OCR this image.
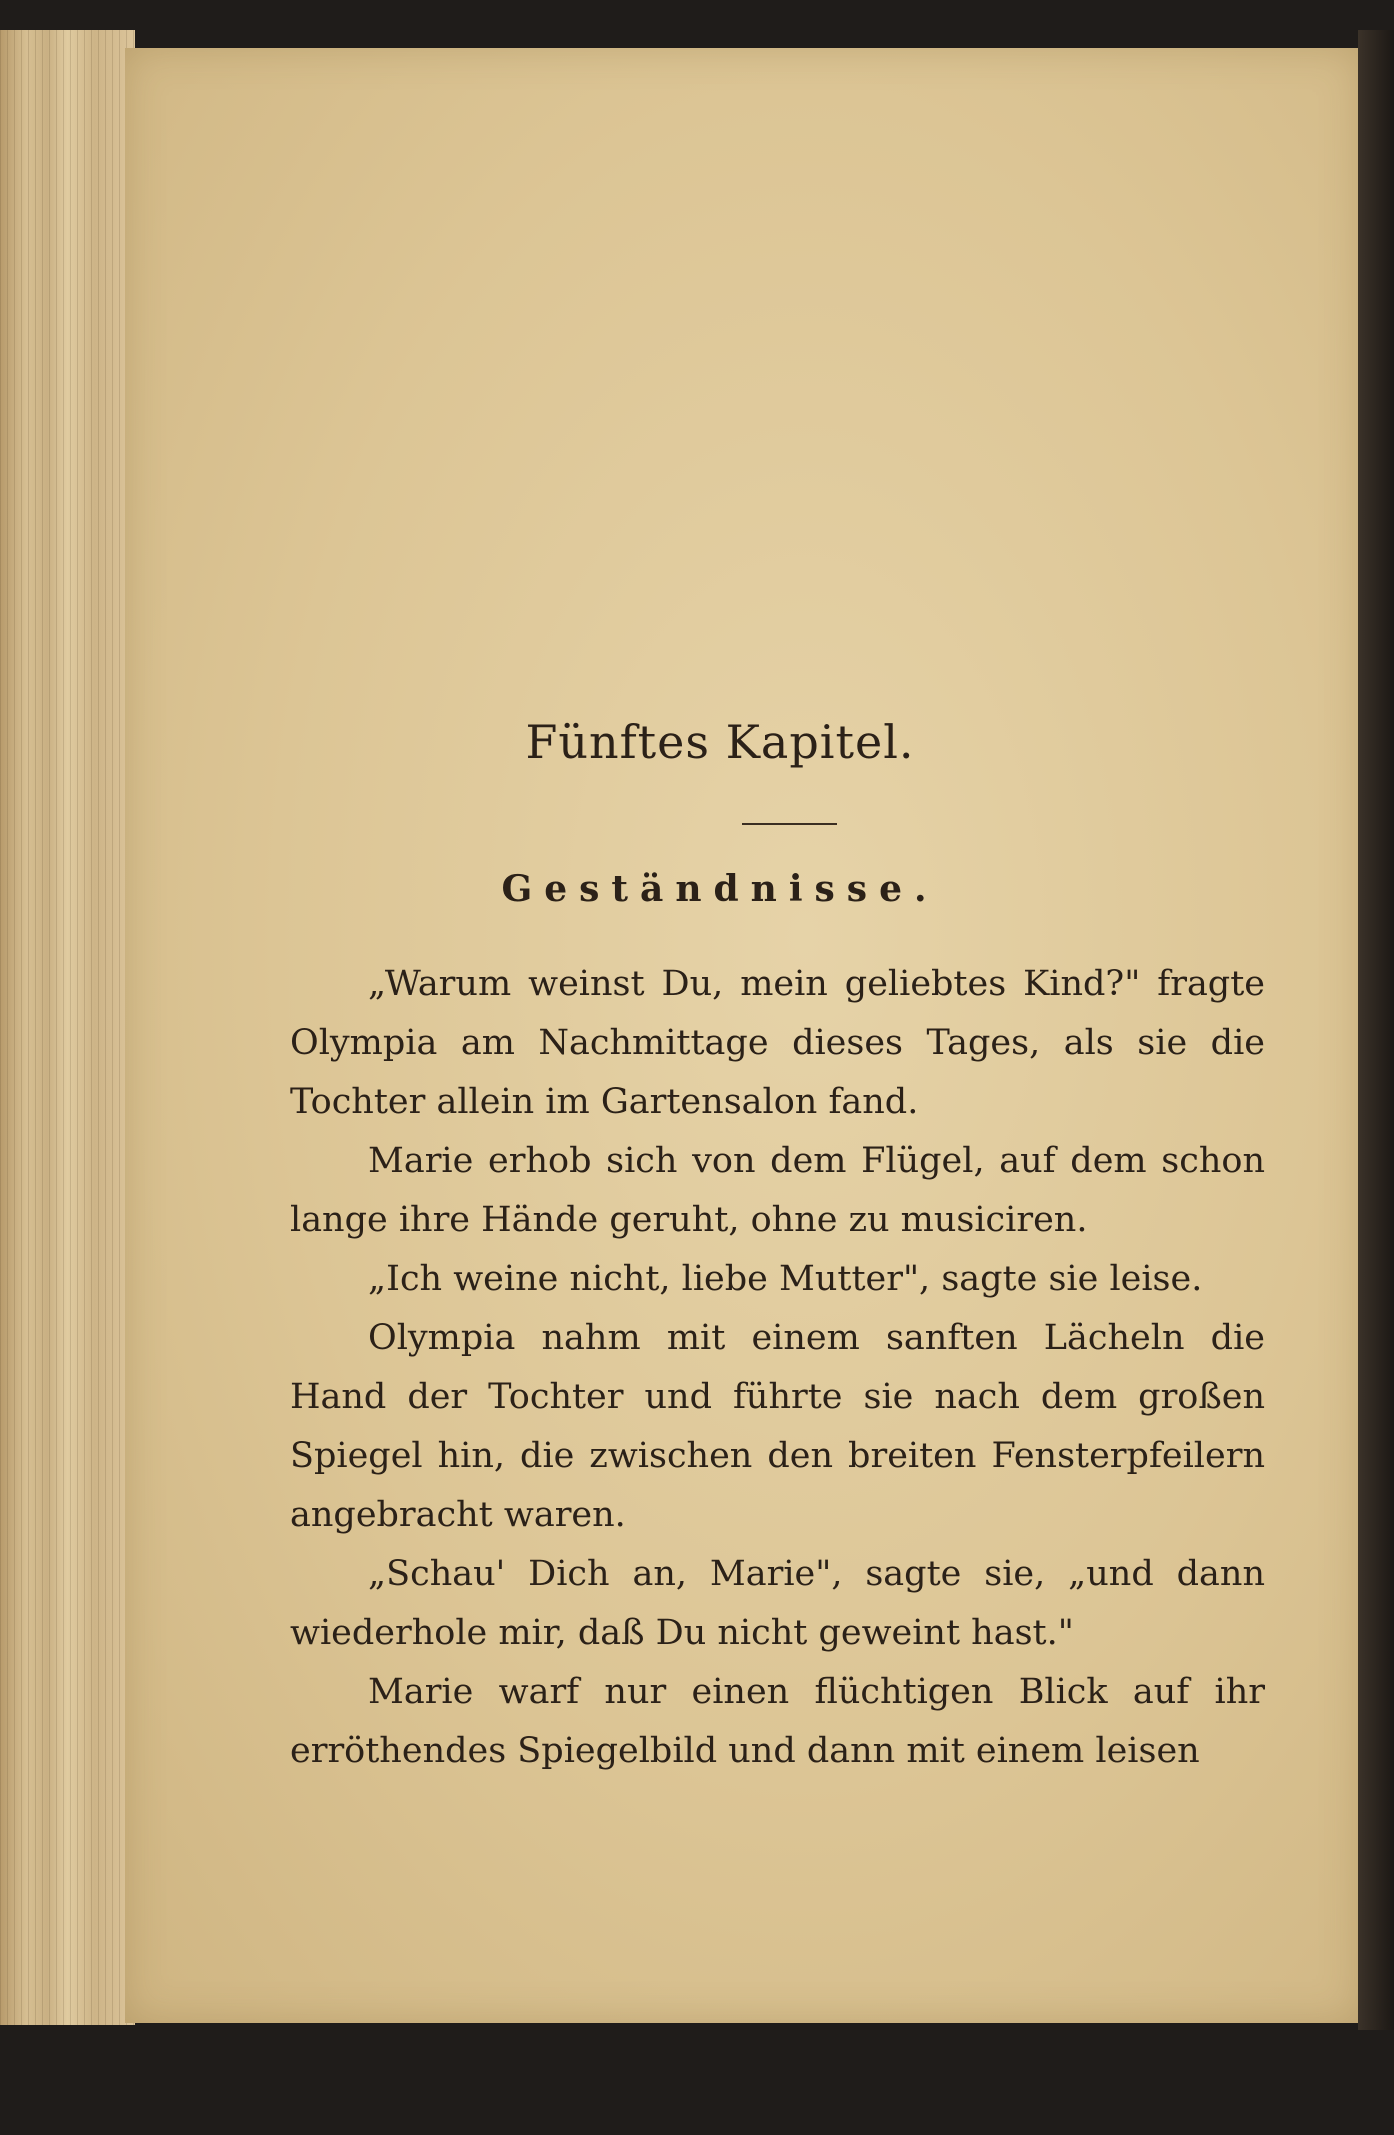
Fünftes Kapitel.
Geständnisse.

„Warum weinst Du, mein geliebtes Kind?" fragte Olympia am Nachmittage dieses Tages, als sie die Tochter allein im Gartensalon fand.

Marie erhob sich von dem Flügel, auf dem schon lange ihre Hände geruht, ohne zu musiciren.

„Ich weine nicht, liebe Mutter", sagte sie leise.

Olympia nahm mit einem sanften Lächeln die Hand der Tochter und führte sie nach dem großen Spiegel hin, die zwischen den breiten Fensterpfeilern angebracht waren.

„Schau' Dich an, Marie", sagte sie, „und dann wiederhole mir, daß Du nicht geweint hast."

Marie warf nur einen flüchtigen Blick auf ihr erröthendes Spiegelbild und dann mit einem leisen
